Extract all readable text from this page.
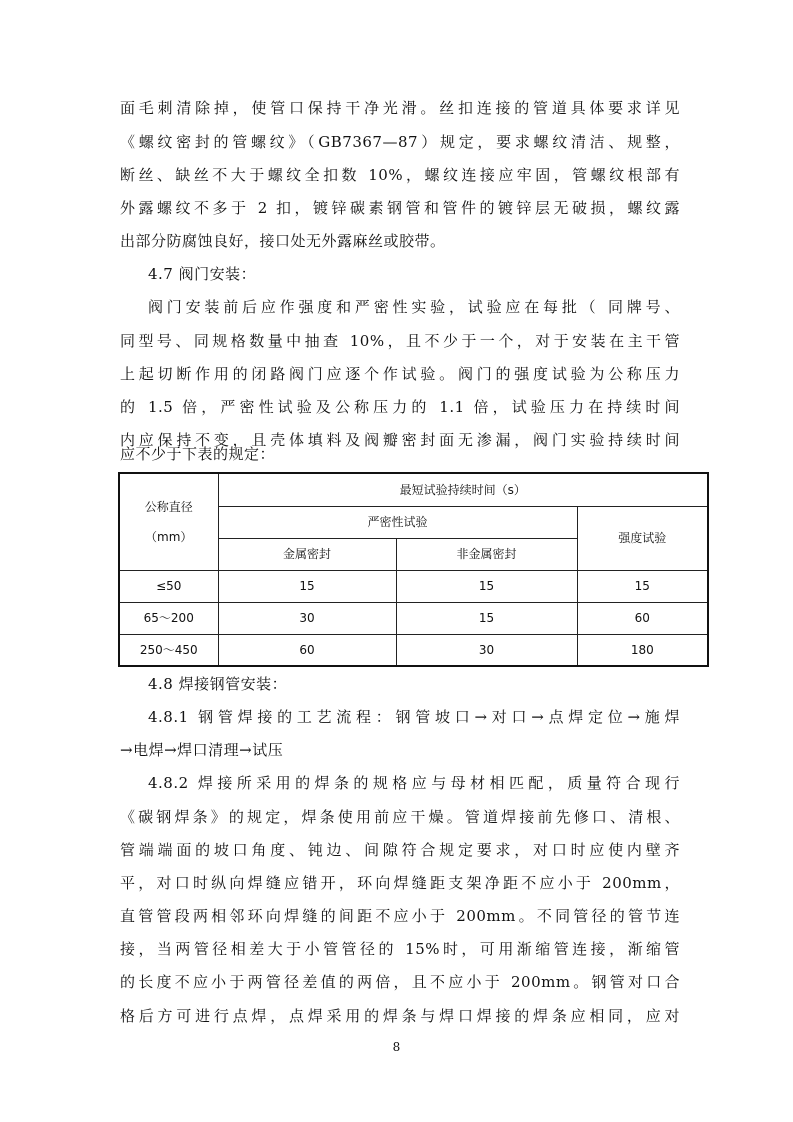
面毛刺清除掉，使管口保持干净光滑。丝扣连接的管道具体要求详见
《螺纹密封的管螺纹》（GB7367—87）规定，要求螺纹清洁、规整，
断丝、缺丝不大于螺纹全扣数 10%，螺纹连接应牢固，管螺纹根部有
外露螺纹不多于 2 扣，镀锌碳素钢管和管件的镀锌层无破损，螺纹露
出部分防腐蚀良好，接口处无外露麻丝或胶带。
4.7 阀门安装：
阀门安装前后应作强度和严密性实验，试验应在每批（ 同牌号、
同型号、同规格数量中抽查 10%，且不少于一个，对于安装在主干管
上起切断作用的闭路阀门应逐个作试验。阀门的强度试验为公称压力
的 1.5 倍，严密性试验及公称压力的 1.1 倍，试验压力在持续时间
内应保持不变，且壳体填料及阀瓣密封面无渗漏，阀门实验持续时间
应不少于下表的规定：
公称直径
（mm）	最短试验持续时间（s）		
	严密性试验		强度试验
	金属密封	非金属密封	
≤50	15	15	15
65～200	30	15	60
250～450	60	30	180
4.8 焊接钢管安装：
4.8.1 钢管焊接的工艺流程：钢管坡口→对口→点焊定位→施焊
→电焊→焊口清理→试压
4.8.2 焊接所采用的焊条的规格应与母材相匹配，质量符合现行
《碳钢焊条》的规定，焊条使用前应干燥。管道焊接前先修口、清根、
管端端面的坡口角度、钝边、间隙符合规定要求，对口时应使内壁齐
平，对口时纵向焊缝应错开，环向焊缝距支架净距不应小于 200mm，
直管管段两相邻环向焊缝的间距不应小于 200mm。不同管径的管节连
接，当两管径相差大于小管管径的 15%时，可用渐缩管连接，渐缩管
的长度不应小于两管径差值的两倍，且不应小于 200mm。钢管对口合
格后方可进行点焊，点焊采用的焊条与焊口焊接的焊条应相同，应对
8
